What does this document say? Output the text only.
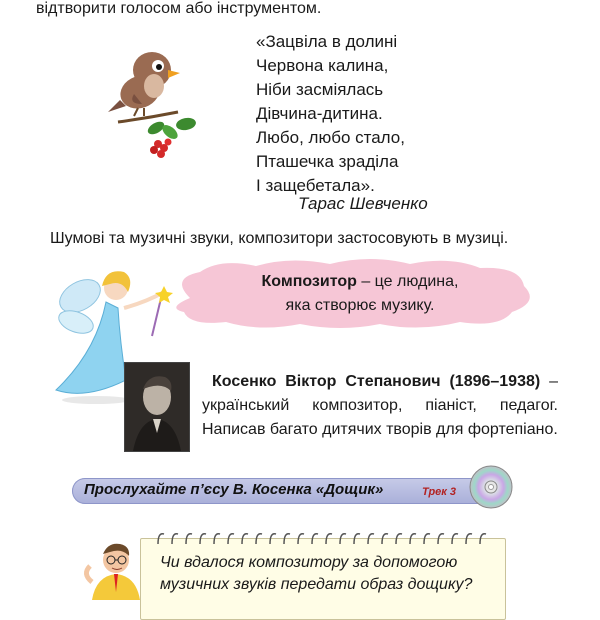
відтворити голосом або інструментом.
«Зацвіла в долині
Червона калина,
Ніби засміялась
Дівчина-дитина.
Любо, любо стало,
Пташечка зраділа
І защебетала».
Тарас Шевченко
Шумові та музичні звуки, композитори застосовують в музиці.
Композитор – це людина,
яка створює музику.
Косенко Віктор Степанович (1896–1938) – український композитор, піаніст, педагог. Написав багато дитячих творів для фортепіано.
Прослухайте п’єсу В. Косенка «Дощик»	Трек 3
Чи вдалося композитору за допомогою
музичних звуків передати образ дощику?
